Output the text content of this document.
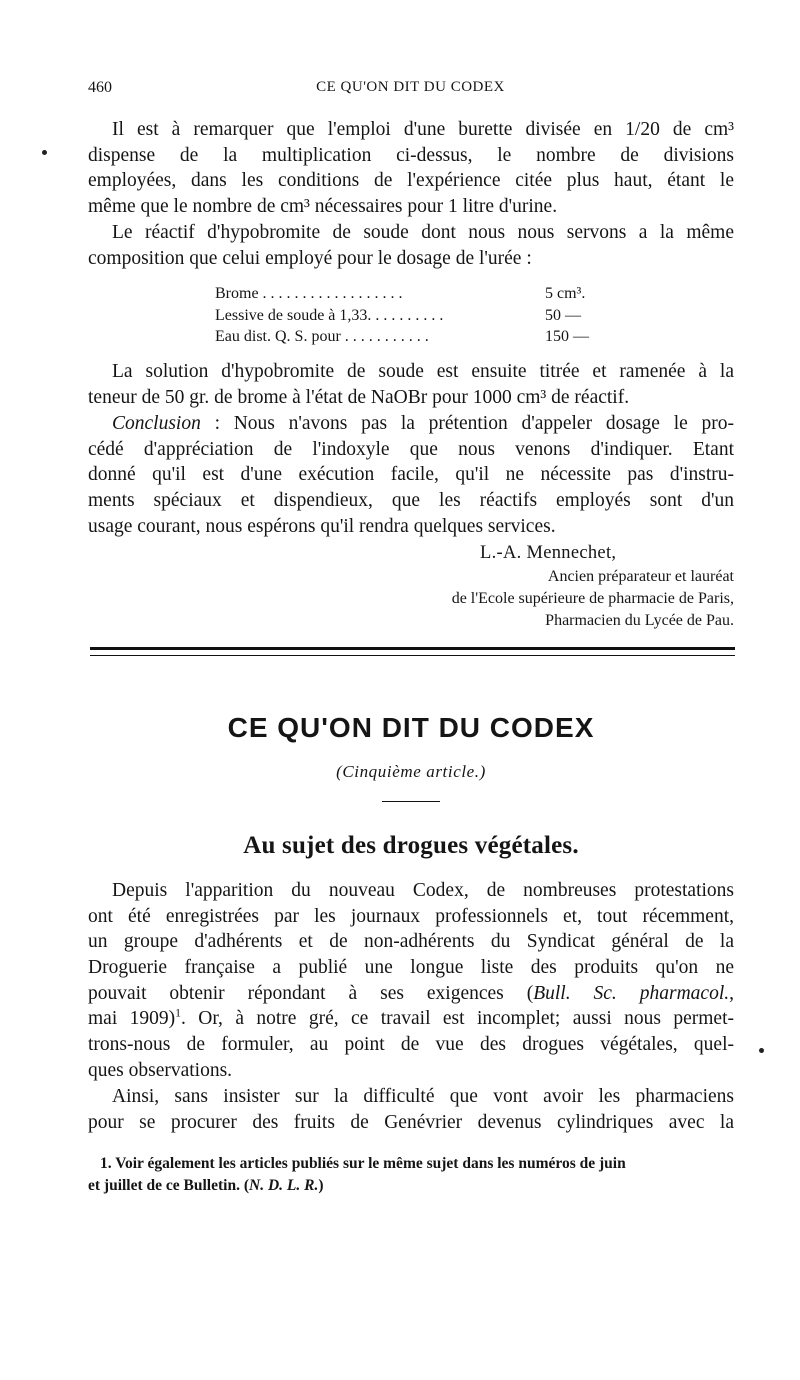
460	CE QU'ON DIT DU CODEX
Il est à remarquer que l'emploi d'une burette divisée en 1/20 de cm³
dispense de la multiplication ci-dessus, le nombre de divisions
employées, dans les conditions de l'expérience citée plus haut, étant le
même que le nombre de cm³ nécessaires pour 1 litre d'urine.
Le réactif d'hypobromite de soude dont nous nous servons a la même
composition que celui employé pour le dosage de l'urée :
Brome . . . . . . . . . . . . . . . . . .	5 cm³.
Lessive de soude à 1,33. . . . . . . . . .	50 —
Eau dist. Q. S. pour . . . . . . . . . . .	150 —
La solution d'hypobromite de soude est ensuite titrée et ramenée à la
teneur de 50 gr. de brome à l'état de NaOBr pour 1000 cm³ de réactif.
Conclusion : Nous n'avons pas la prétention d'appeler dosage le pro-
cédé d'appréciation de l'indoxyle que nous venons d'indiquer. Etant
donné qu'il est d'une exécution facile, qu'il ne nécessite pas d'instru-
ments spéciaux et dispendieux, que les réactifs employés sont d'un
usage courant, nous espérons qu'il rendra quelques services.
L.-A. Mennechet,
Ancien préparateur et lauréat
de l'Ecole supérieure de pharmacie de Paris,
Pharmacien du Lycée de Pau.
CE QU'ON DIT DU CODEX
(Cinquième article.)
Au sujet des drogues végétales.
Depuis l'apparition du nouveau Codex, de nombreuses protestations
ont été enregistrées par les journaux professionnels et, tout récemment,
un groupe d'adhérents et de non-adhérents du Syndicat général de la
Droguerie française a publié une longue liste des produits qu'on ne
pouvait obtenir répondant à ses exigences (Bull. Sc. pharmacol.,
mai 1909)$^1$. Or, à notre gré, ce travail est incomplet; aussi nous permet-
trons-nous de formuler, au point de vue des drogues végétales, quel-
ques observations.
Ainsi, sans insister sur la difficulté que vont avoir les pharmaciens
pour se procurer des fruits de Genévrier devenus cylindriques avec la
1. Voir également les articles publiés sur le même sujet dans les numéros de juin
et juillet de ce Bulletin. (N. D. L. R.)
